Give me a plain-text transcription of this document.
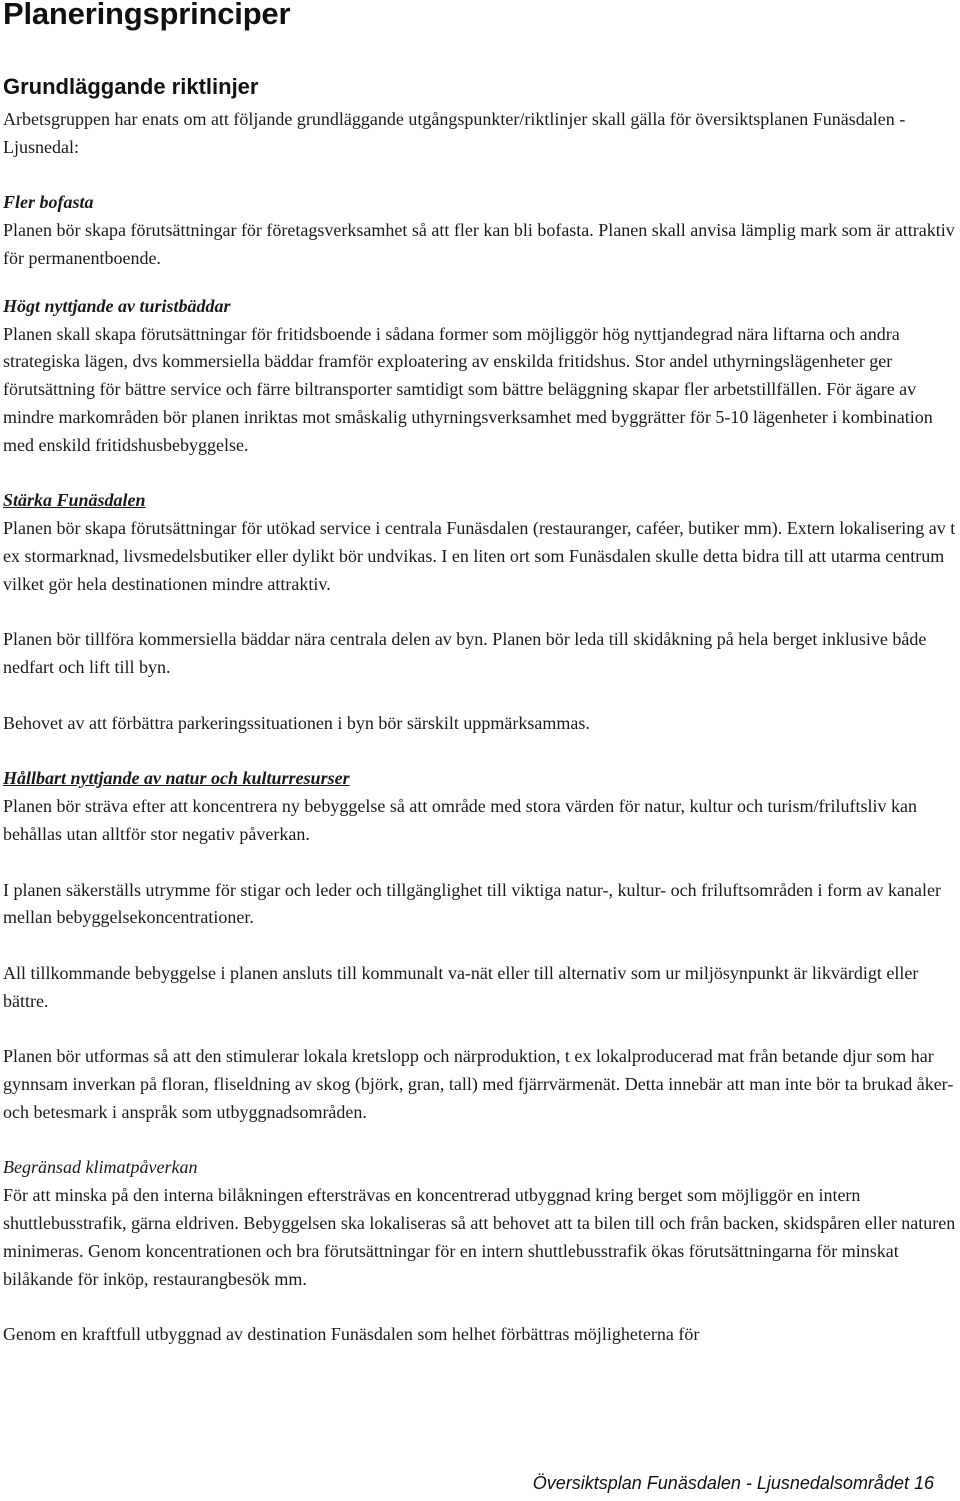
Planeringsprinciper
Grundläggande riktlinjer

Arbetsgruppen har enats om att följande grundläggande utgångspunkter/riktlinjer skall gälla för översiktsplanen Funäsdalen - Ljusnedal:

Fler bofasta

Planen bör skapa förutsättningar för företagsverksamhet så att fler kan bli bofasta. Planen skall anvisa lämplig mark som är attraktiv för permanentboende.

Högt nyttjande av turistbäddar

Planen skall skapa förutsättningar för fritidsboende i sådana former som möjliggör hög nyttjandegrad nära liftarna och andra strategiska lägen, dvs kommersiella bäddar framför exploatering av enskilda fritidshus. Stor andel uthyrningslägenheter ger förutsättning för bättre service och färre biltransporter samtidigt som bättre beläggning skapar fler arbetstillfällen. För ägare av mindre markområden bör planen inriktas mot småskalig uthyrningsverksamhet med byggrätter för 5-10 lägenheter i kombination med enskild fritidshusbebyggelse.

Stärka Funäsdalen

Planen bör skapa förutsättningar för utökad service i centrala Funäsdalen (restauranger, caféer, butiker mm). Extern lokalisering av t ex stormarknad, livsmedelsbutiker eller dylikt bör undvikas. I en liten ort som Funäsdalen skulle detta bidra till att utarma centrum vilket gör hela destinationen mindre attraktiv.

Planen bör tillföra kommersiella bäddar nära centrala delen av byn. Planen bör leda till skidåkning på hela berget inklusive både nedfart och lift till byn.

Behovet av att förbättra parkeringssituationen i byn bör särskilt uppmärksammas.

Hållbart nyttjande av natur och kulturresurser

Planen bör sträva efter att koncentrera ny bebyggelse så att område med stora värden för natur, kultur och turism/friluftsliv kan behållas utan alltför stor negativ påverkan.

I planen säkerställs utrymme för stigar och leder och tillgänglighet till viktiga natur-, kultur- och friluftsområden i form av kanaler mellan bebyggelsekoncentrationer.

All tillkommande bebyggelse i planen ansluts till kommunalt va-nät eller till alternativ som ur miljösynpunkt är likvärdigt eller bättre.

Planen bör utformas så att den stimulerar lokala kretslopp och närproduktion, t ex lokalproducerad mat från betande djur som har gynnsam inverkan på floran, fliseldning av skog (björk, gran, tall) med fjärrvärmenät. Detta innebär att man inte bör ta brukad åker- och betesmark i anspråk som utbyggnadsområden.

Begränsad klimatpåverkan

För att minska på den interna bilåkningen eftersträvas en koncentrerad utbyggnad kring berget som möjliggör en intern shuttlebusstrafik, gärna eldriven. Bebyggelsen ska lokaliseras så att behovet att ta bilen till och från backen, skidspåren eller naturen minimeras. Genom koncentrationen och bra förutsättningar för en intern shuttlebusstrafik ökas förutsättningarna för minskat bilåkande för inköp, restaurangbesök mm.

Genom en kraftfull utbyggnad av destination Funäsdalen som helhet förbättras möjligheterna för

Översiktsplan Funäsdalen - Ljusnedalsområdet 16
